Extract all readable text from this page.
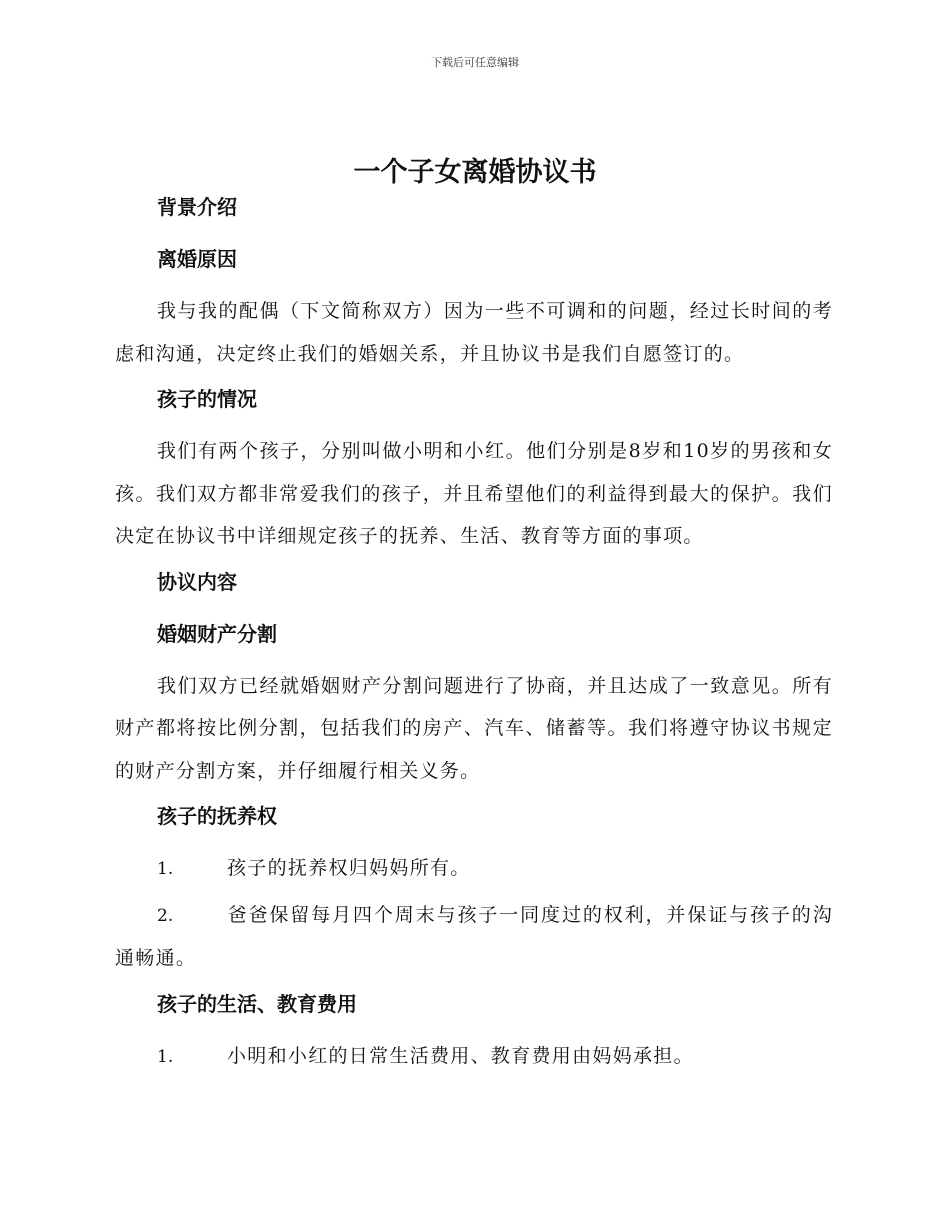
下载后可任意编辑
一个子女离婚协议书
背景介绍
离婚原因

我与我的配偶（下文简称双方）因为一些不可调和的问题，经过长时间的考虑和沟通，决定终止我们的婚姻关系，并且协议书是我们自愿签订的。

孩子的情况

我们有两个孩子，分别叫做小明和小红。他们分别是8岁和10岁的男孩和女孩。我们双方都非常爱我们的孩子，并且希望他们的利益得到最大的保护。我们决定在协议书中详细规定孩子的抚养、生活、教育等方面的事项。

协议内容
婚姻财产分割

我们双方已经就婚姻财产分割问题进行了协商，并且达成了一致意见。所有财产都将按比例分割，包括我们的房产、汽车、储蓄等。我们将遵守协议书规定的财产分割方案，并仔细履行相关义务。

孩子的抚养权

1.	孩子的抚养权归妈妈所有。

2.	爸爸保留每月四个周末与孩子一同度过的权利，并保证与孩子的沟通畅通。

孩子的生活、教育费用

1.	小明和小红的日常生活费用、教育费用由妈妈承担。
